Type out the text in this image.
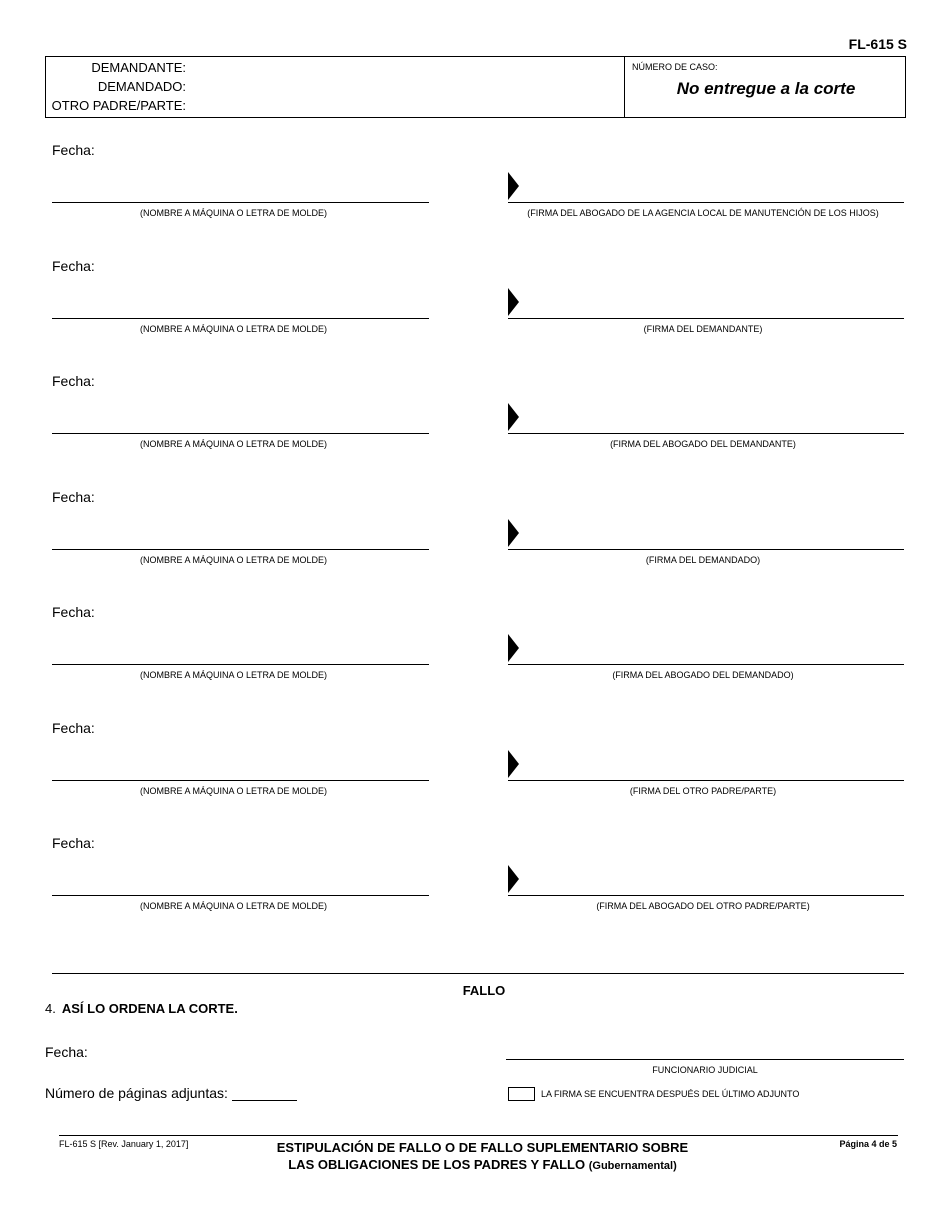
FL-615 S
DEMANDANTE:
DEMANDADO:
OTRO PADRE/PARTE:
NÚMERO DE CASO:
No entregue a la corte
Fecha:
(NOMBRE A MÁQUINA O LETRA DE MOLDE)	(FIRMA DEL ABOGADO DE LA AGENCIA LOCAL DE MANUTENCIÓN DE LOS HIJOS)
Fecha:
(NOMBRE A MÁQUINA O LETRA DE MOLDE)	(FIRMA DEL DEMANDANTE)
Fecha:
(NOMBRE A MÁQUINA O LETRA DE MOLDE)	(FIRMA DEL ABOGADO DEL DEMANDANTE)
Fecha:
(NOMBRE A MÁQUINA O LETRA DE MOLDE)	(FIRMA DEL DEMANDADO)
Fecha:
(NOMBRE A MÁQUINA O LETRA DE MOLDE)	(FIRMA DEL ABOGADO DEL DEMANDADO)
Fecha:
(NOMBRE A MÁQUINA O LETRA DE MOLDE)	(FIRMA DEL OTRO PADRE/PARTE)
Fecha:
(NOMBRE A MÁQUINA O LETRA DE MOLDE)	(FIRMA DEL ABOGADO DEL OTRO PADRE/PARTE)
FALLO
4. ASÍ LO ORDENA LA CORTE.
Fecha:
FUNCIONARIO JUDICIAL
Número de páginas adjuntas:	LA FIRMA SE ENCUENTRA DESPUÉS DEL ÚLTIMO ADJUNTO
FL-615 S [Rev. January 1, 2017]	ESTIPULACIÓN DE FALLO O DE FALLO SUPLEMENTARIO SOBRE
LAS OBLIGACIONES DE LOS PADRES Y FALLO (Gubernamental)
Página 4 de 5
